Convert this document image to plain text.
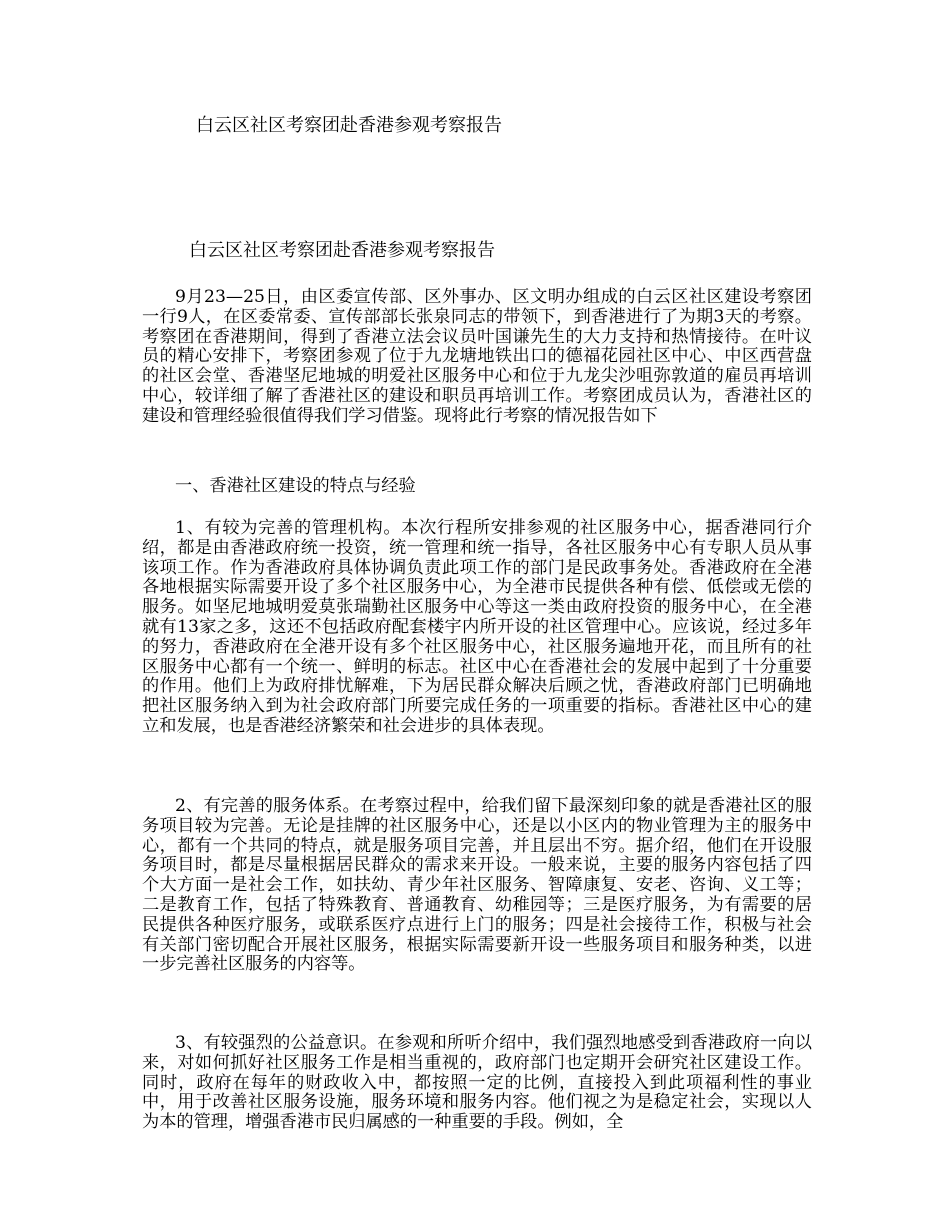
白云区社区考察团赴香港参观考察报告
白云区社区考察团赴香港参观考察报告

9月23—25日，由区委宣传部、区外事办、区文明办组成的白云区社区建设考察团一行9人，在区委常委、宣传部部长张泉同志的带领下，到香港进行了为期3天的考察。考察团在香港期间，得到了香港立法会议员叶国谦先生的大力支持和热情接待。在叶议员的精心安排下，考察团参观了位于九龙塘地铁出口的德福花园社区中心、中区西营盘的社区会堂、香港坚尼地城的明爱社区服务中心和位于九龙尖沙咀弥敦道的雇员再培训中心，较详细了解了香港社区的建设和职员再培训工作。考察团成员认为，香港社区的建设和管理经验很值得我们学习借鉴。现将此行考察的情况报告如下

一、香港社区建设的特点与经验

1、有较为完善的管理机构。本次行程所安排参观的社区服务中心，据香港同行介绍，都是由香港政府统一投资，统一管理和统一指导，各社区服务中心有专职人员从事该项工作。作为香港政府具体协调负责此项工作的部门是民政事务处。香港政府在全港各地根据实际需要开设了多个社区服务中心，为全港市民提供各种有偿、低偿或无偿的服务。如坚尼地城明爱莫张瑞勤社区服务中心等这一类由政府投资的服务中心，在全港就有13家之多，这还不包括政府配套楼宇内所开设的社区管理中心。应该说，经过多年的努力，香港政府在全港开设有多个社区服务中心，社区服务遍地开花，而且所有的社区服务中心都有一个统一、鲜明的标志。社区中心在香港社会的发展中起到了十分重要的作用。他们上为政府排忧解难，下为居民群众解决后顾之忧，香港政府部门已明确地把社区服务纳入到为社会政府部门所要完成任务的一项重要的指标。香港社区中心的建立和发展，也是香港经济繁荣和社会进步的具体表现。

2、有完善的服务体系。在考察过程中，给我们留下最深刻印象的就是香港社区的服务项目较为完善。无论是挂牌的社区服务中心，还是以小区内的物业管理为主的服务中心，都有一个共同的特点，就是服务项目完善，并且层出不穷。据介绍，他们在开设服务项目时，都是尽量根据居民群众的需求来开设。一般来说，主要的服务内容包括了四个大方面一是社会工作，如扶幼、青少年社区服务、智障康复、安老、咨询、义工等；二是教育工作，包括了特殊教育、普通教育、幼稚园等；三是医疗服务，为有需要的居民提供各种医疗服务，或联系医疗点进行上门的服务；四是社会接待工作，积极与社会有关部门密切配合开展社区服务，根据实际需要新开设一些服务项目和服务种类，以进一步完善社区服务的内容等。

3、有较强烈的公益意识。在参观和所听介绍中，我们强烈地感受到香港政府一向以来，对如何抓好社区服务工作是相当重视的，政府部门也定期开会研究社区建设工作。同时，政府在每年的财政收入中，都按照一定的比例，直接投入到此项福利性的事业中，用于改善社区服务设施，服务环境和服务内容。他们视之为是稳定社会，实现以人为本的管理，增强香港市民归属感的一种重要的手段。例如，全
